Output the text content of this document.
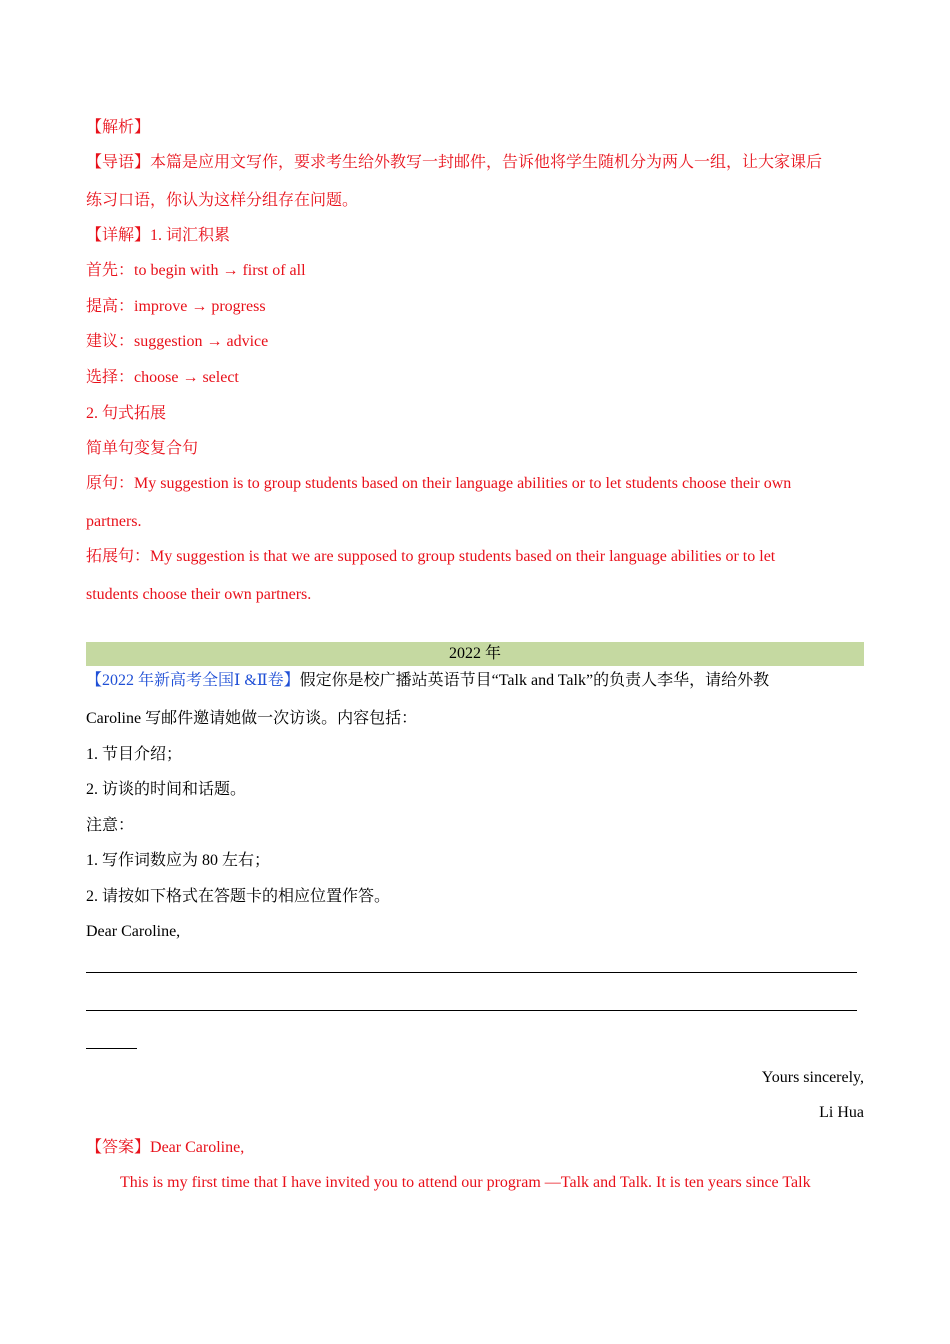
【解析】
【导语】本篇是应用文写作，要求考生给外教写一封邮件，告诉他将学生随机分为两人一组，让大家课后
练习口语，你认为这样分组存在问题。
【详解】1. 词汇积累
首先：to begin with → first of all
提高：improve → progress
建议：suggestion → advice
选择：choose → select
2. 句式拓展
简单句变复合句
原句：My suggestion is to group students based on their language abilities or to let students choose their own
partners.
拓展句：My suggestion is that we are supposed to group students based on their language abilities or to let
students choose their own partners.
2022 年
【2022 年新高考全国Ⅰ &Ⅱ卷】假定你是校广播站英语节目“Talk and Talk”的负责人李华，请给外教
Caroline 写邮件邀请她做一次访谈。内容包括：
1. 节目介绍；
2. 访谈的时间和话题。
注意：
1. 写作词数应为 80 左右；
2. 请按如下格式在答题卡的相应位置作答。
Dear Caroline,
Yours sincerely,
Li Hua
【答案】Dear Caroline,
This is my first time that I have invited you to attend our program —Talk and Talk. It is ten years since Talk
